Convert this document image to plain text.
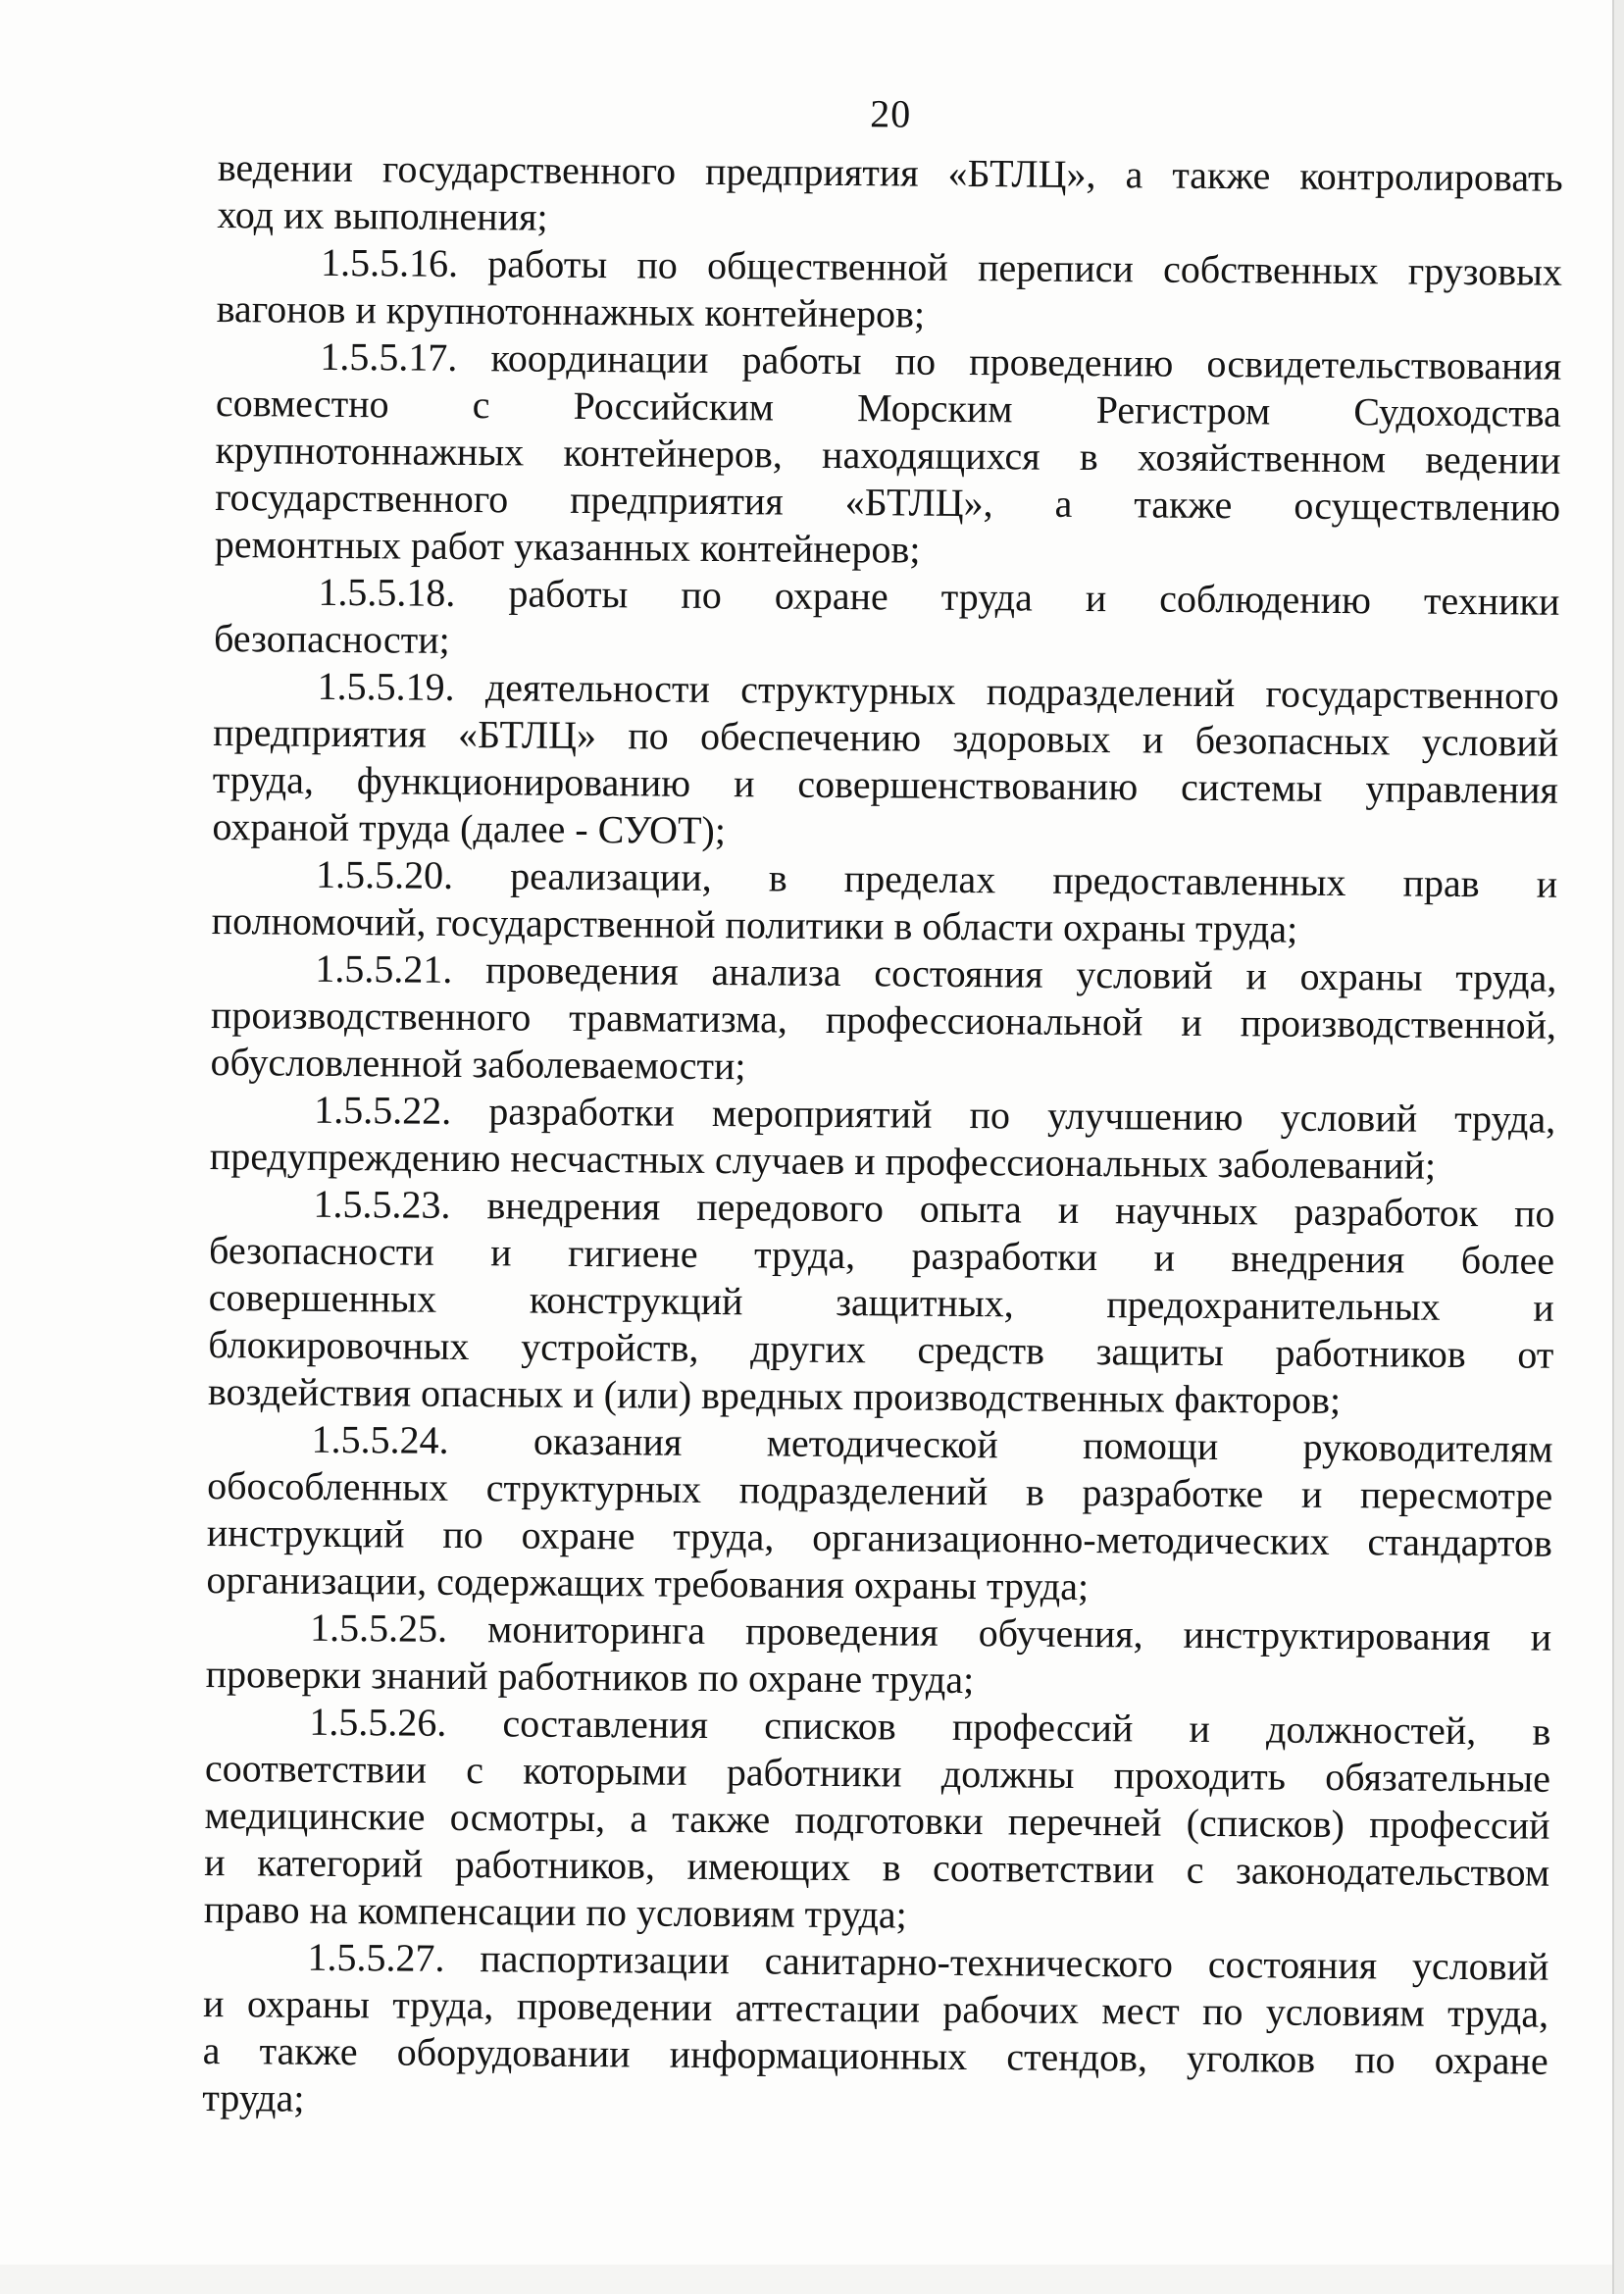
20
ведении государственного предприятия «БТЛЦ», а также контролировать
ход их выполнения;
1.5.5.16. работы по общественной переписи собственных грузовых
вагонов и крупнотоннажных контейнеров;
1.5.5.17. координации работы по проведению освидетельствования
совместно с Российским Морским Регистром Судоходства
крупнотоннажных контейнеров, находящихся в хозяйственном ведении
государственного предприятия «БТЛЦ», а также осуществлению
ремонтных работ указанных контейнеров;
1.5.5.18. работы по охране труда и соблюдению техники
безопасности;
1.5.5.19. деятельности структурных подразделений государственного
предприятия «БТЛЦ» по обеспечению здоровых и безопасных условий
труда, функционированию и совершенствованию системы управления
охраной труда (далее - СУОТ);
1.5.5.20. реализации, в пределах предоставленных прав и
полномочий, государственной политики в области охраны труда;
1.5.5.21. проведения анализа состояния условий и охраны труда,
производственного травматизма, профессиональной и производственной,
обусловленной заболеваемости;
1.5.5.22. разработки мероприятий по улучшению условий труда,
предупреждению несчастных случаев и профессиональных заболеваний;
1.5.5.23. внедрения передового опыта и научных разработок по
безопасности и гигиене труда, разработки и внедрения более
совершенных конструкций защитных, предохранительных и
блокировочных устройств, других средств защиты работников от
воздействия опасных и (или) вредных производственных факторов;
1.5.5.24. оказания методической помощи руководителям
обособленных структурных подразделений в разработке и пересмотре
инструкций по охране труда, организационно-методических стандартов
организации, содержащих требования охраны труда;
1.5.5.25. мониторинга проведения обучения, инструктирования и
проверки знаний работников по охране труда;
1.5.5.26. составления списков профессий и должностей, в
соответствии с которыми работники должны проходить обязательные
медицинские осмотры, а также подготовки перечней (списков) профессий
и категорий работников, имеющих в соответствии с законодательством
право на компенсации по условиям труда;
1.5.5.27. паспортизации санитарно-технического состояния условий
и охраны труда, проведении аттестации рабочих мест по условиям труда,
а также оборудовании информационных стендов, уголков по охране
труда;
